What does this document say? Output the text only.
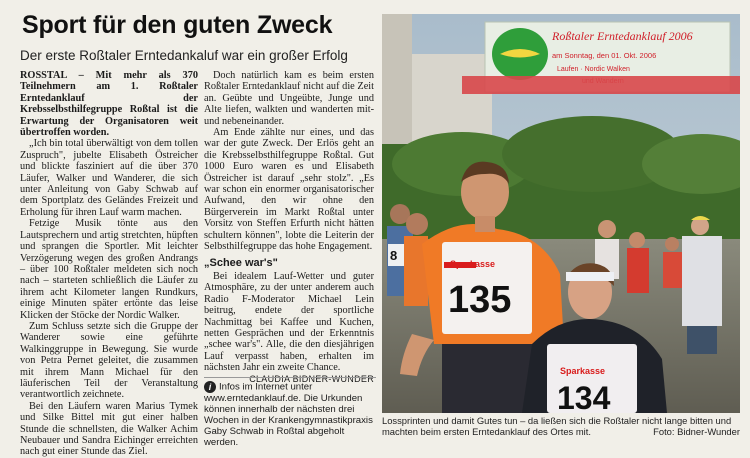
Sport für den guten Zweck
Der erste Roßtaler Erntedankaluf war ein großer Erfolg

ROSSTAL – Mit mehr als 370 Teilnehmern am 1. Roßtaler Erntedanklauf der Krebsselbsthilfegruppe Roßtal ist die Erwartung der Organisatoren weit übertroffen worden.

„Ich bin total überwältigt von dem tollen Zuspruch", jubelte Elisabeth Östreicher und blickte fasziniert auf die über 370 Läufer, Walker und Wanderer, die sich unter Anleitung von Gaby Schwab auf dem Sportplatz des Geländes Freizeit und Erholung für ihren Lauf warm machen.

Fetzige Musik tönte aus den Lautsprechern und artig stretchten, hüpften und sprangen die Sportler. Mit leichter Verzögerung wegen des großen Andrangs – über 100 Roßtaler meldeten sich noch nach – starteten schließlich die Läufer zu ihrem acht Kilometer langen Rundkurs, einige Minuten später ertönte das leise Klicken der Stöcke der Nordic Walker.

Zum Schluss setzte sich die Gruppe der Wanderer sowie eine geführte Walkinggruppe in Bewegung. Sie wurde von Petra Pernet geleitet, die zusammen mit ihrem Mann Michael für den läuferischen Teil der Veranstaltung verantwortlich zeichnete.

Bei den Läufern waren Marius Tymek und Silke Bittel mit gut einer halben Stunde die schnellsten, die Walker Achim Neubauer und Sandra Eichinger erreichten nach gut einer Stunde das Ziel.

Doch natürlich kam es beim ersten Roßtaler Erntedanklauf nicht auf die Zeit an. Geübte und Ungeübte, Junge und Alte liefen, walkten und wanderten mit- und nebeneinander.

Am Ende zählte nur eines, und das war der gute Zweck. Der Erlös geht an die Krebsselbsthilfegruppe Roßtal. Gut 1000 Euro waren es und Elisabeth Östreicher ist darauf „sehr stolz". „Es war schon ein enormer organisatorischer Aufwand, den wir ohne den Bürgerverein im Markt Roßtal unter Vorsitz von Steffen Erfurth nicht hätten schultern können", lobte die Leiterin der Selbsthilfegruppe das hohe Engagement.

„Schee war's"

Bei idealem Lauf-Wetter und guter Atmosphäre, zu der unter anderem auch Radio F-Moderator Michael Lein beitrug, endete der sportliche Nachmittag bei Kaffee und Kuchen, netten Gesprächen und der Erkenntnis „schee war's". Alle, die den diesjährigen Lauf verpasst haben, erhalten im nächsten Jahr ein zweite Chance.

CLAUDIA BIDNER-WUNDER

i Infos im Internet unter www.erntedanklauf.de. Die Urkunden können innerhalb der nächsten drei Wochen in der Krankengymnastikpraxis Gaby Schwab in Roßtal abgeholt werden.
Roßtaler Erntedanklauf 2006
am Sonntag, den 01. Okt. 2006
Laufen · Nordic Walken
8
Sparkasse
135
Sparkasse
134
Lossprinten und damit Gutes tun – da ließen sich die Roßtaler nicht lange bitten und machten beim ersten Erntedanklauf des Ortes mit.	Foto: Bidner-Wunder
